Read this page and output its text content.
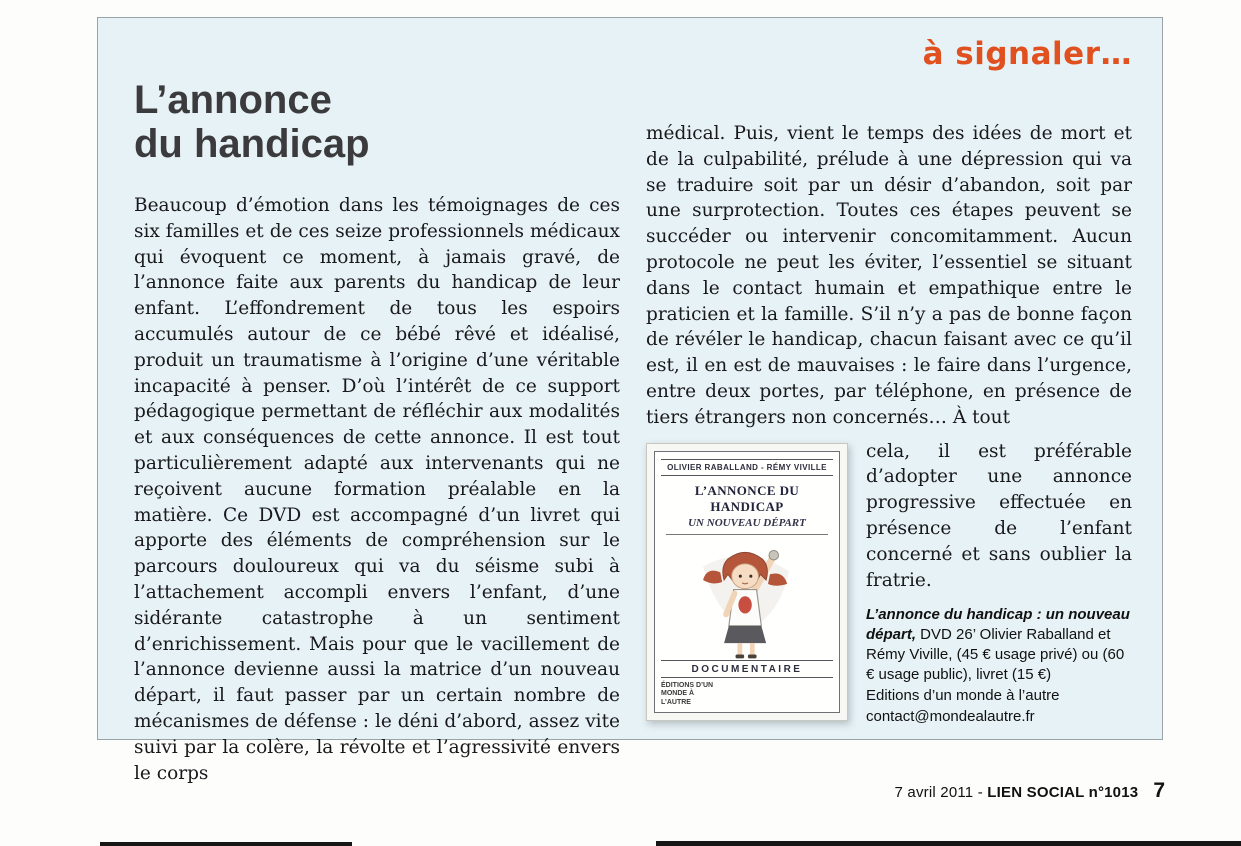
à signaler…
L’annonce
du handicap

Beaucoup d’émotion dans les témoignages de ces six familles et de ces seize professionnels médicaux qui évoquent ce moment, à jamais gravé, de l’annonce faite aux parents du handicap de leur enfant. L’effondrement de tous les espoirs accumulés autour de ce bébé rêvé et idéalisé, produit un traumatisme à l’origine d’une véritable incapacité à penser. D’où l’intérêt de ce support pédagogique permettant de réfléchir aux modalités et aux conséquences de cette annonce. Il est tout particulièrement adapté aux intervenants qui ne reçoivent aucune formation préalable en la matière. Ce DVD est accompagné d’un livret qui apporte des éléments de compréhension sur le parcours douloureux qui va du séisme subi à l’attachement accompli envers l’enfant, d’une sidérante catastrophe à un sentiment d’enrichissement. Mais pour que le vacillement de l’annonce devienne aussi la matrice d’un nouveau départ, il faut passer par un certain nombre de mécanismes de défense : le déni d’abord, assez vite suivi par la colère, la révolte et l’agressivité envers le corps

médical. Puis, vient le temps des idées de mort et de la culpabilité, prélude à une dépression qui va se traduire soit par un désir d’abandon, soit par une surprotection. Toutes ces étapes peuvent se succéder ou intervenir concomitamment. Aucun protocole ne peut les éviter, l’essentiel se situant dans le contact humain et empathique entre le praticien et la famille. S’il n’y a pas de bonne façon de révéler le handicap, chacun faisant avec ce qu’il est, il en est de mauvaises : le faire dans l’urgence, entre deux portes, par téléphone, en présence de tiers étrangers non concernés… À tout

OLIVIER RABALLAND - RÉMY VIVILLE
L’ANNONCE DU HANDICAP
UN NOUVEAU DÉPART
DOCUMENTAIRE
ÉDITIONS D’UN MONDE À L’AUTRE

cela, il est préférable d’adopter une annonce progressive effectuée en présence de l’enfant concerné et sans oublier la fratrie.

L’annonce du handicap : un nouveau départ, DVD 26’ Olivier Raballand et Rémy Viville, (45 € usage privé) ou (60 € usage public), livret (15 €)
Editions d’un monde à l’autre
contact@mondealautre.fr
7 avril 2011 - LIEN SOCIAL n°1013 7
